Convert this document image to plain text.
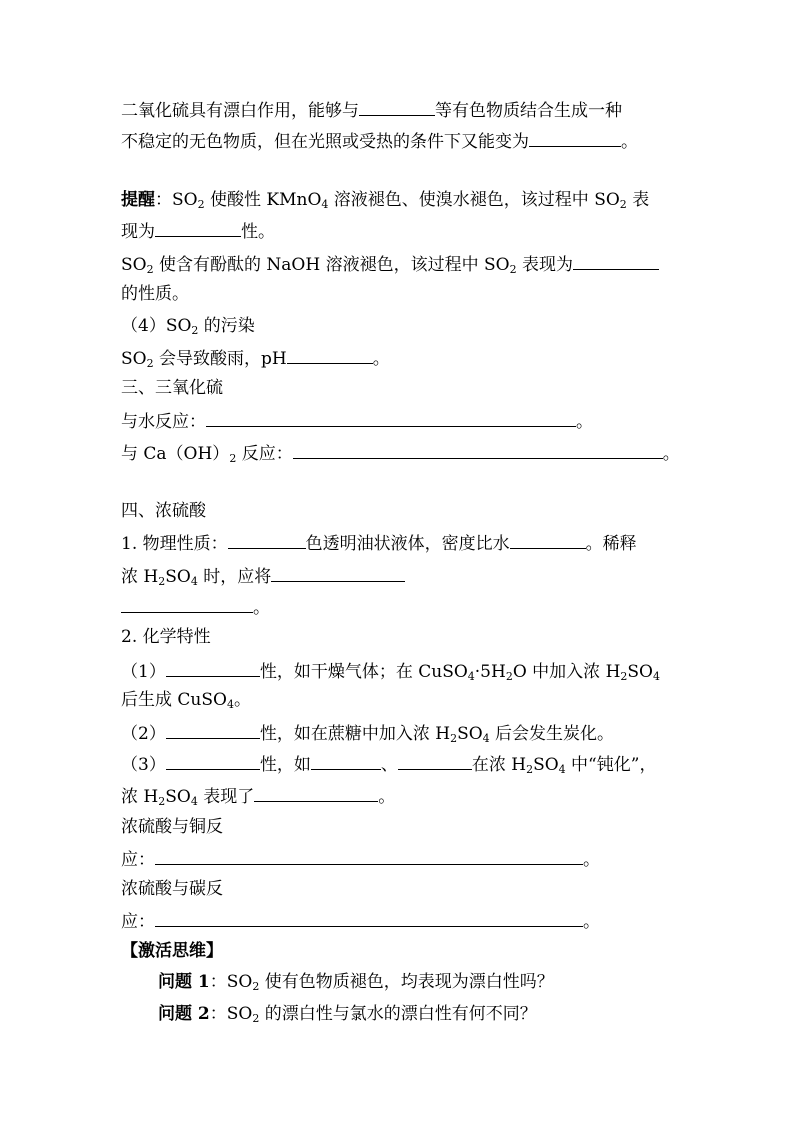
二氧化硫具有漂白作用，能够与	等有色物质结合生成一种
不稳定的无色物质，但在光照或受热的条件下又能变为	。
提醒：$SO_2$ 使酸性 KMnO$_4$ 溶液褪色、使溴水褪色，该过程中 $SO_2$ 表
现为	性。
$SO_2$ 使含有酚酞的 NaOH 溶液褪色，该过程中 $SO_2$ 表现为
的性质。
$(4)SO_2$ 的污染
$SO_2$ 会导致酸雨，pH	。
三、三氧化硫
与水反应：	。
与 $Ca(OH)_2$ 反应：	。
四、浓硫酸
1. 物理性质：	色透明油状液体，密度比水	。稀释
浓 $H_2SO_4$ 时，应将
。
2. 化学特性
（1）	性，如干燥气体；在 $CuSO_4\cdot 5H_2O$ 中加入浓 $H_2SO_4$
后生成 CuSO$_4$。
（2）	性，如在蔗糖中加入浓 $H_2SO_4$ 后会发生炭化。
（3）	性，如	、	在浓 $H_2SO_4$ 中“钝化”，
浓 $H_2SO_4$ 表现了	。
浓硫酸与铜反
应：	。
浓硫酸与碳反
应：	。
【激活思维】
问题 1：$SO_2$ 使有色物质褪色，均表现为漂白性吗？
问题 2：$SO_2$ 的漂白性与氯水的漂白性有何不同？
